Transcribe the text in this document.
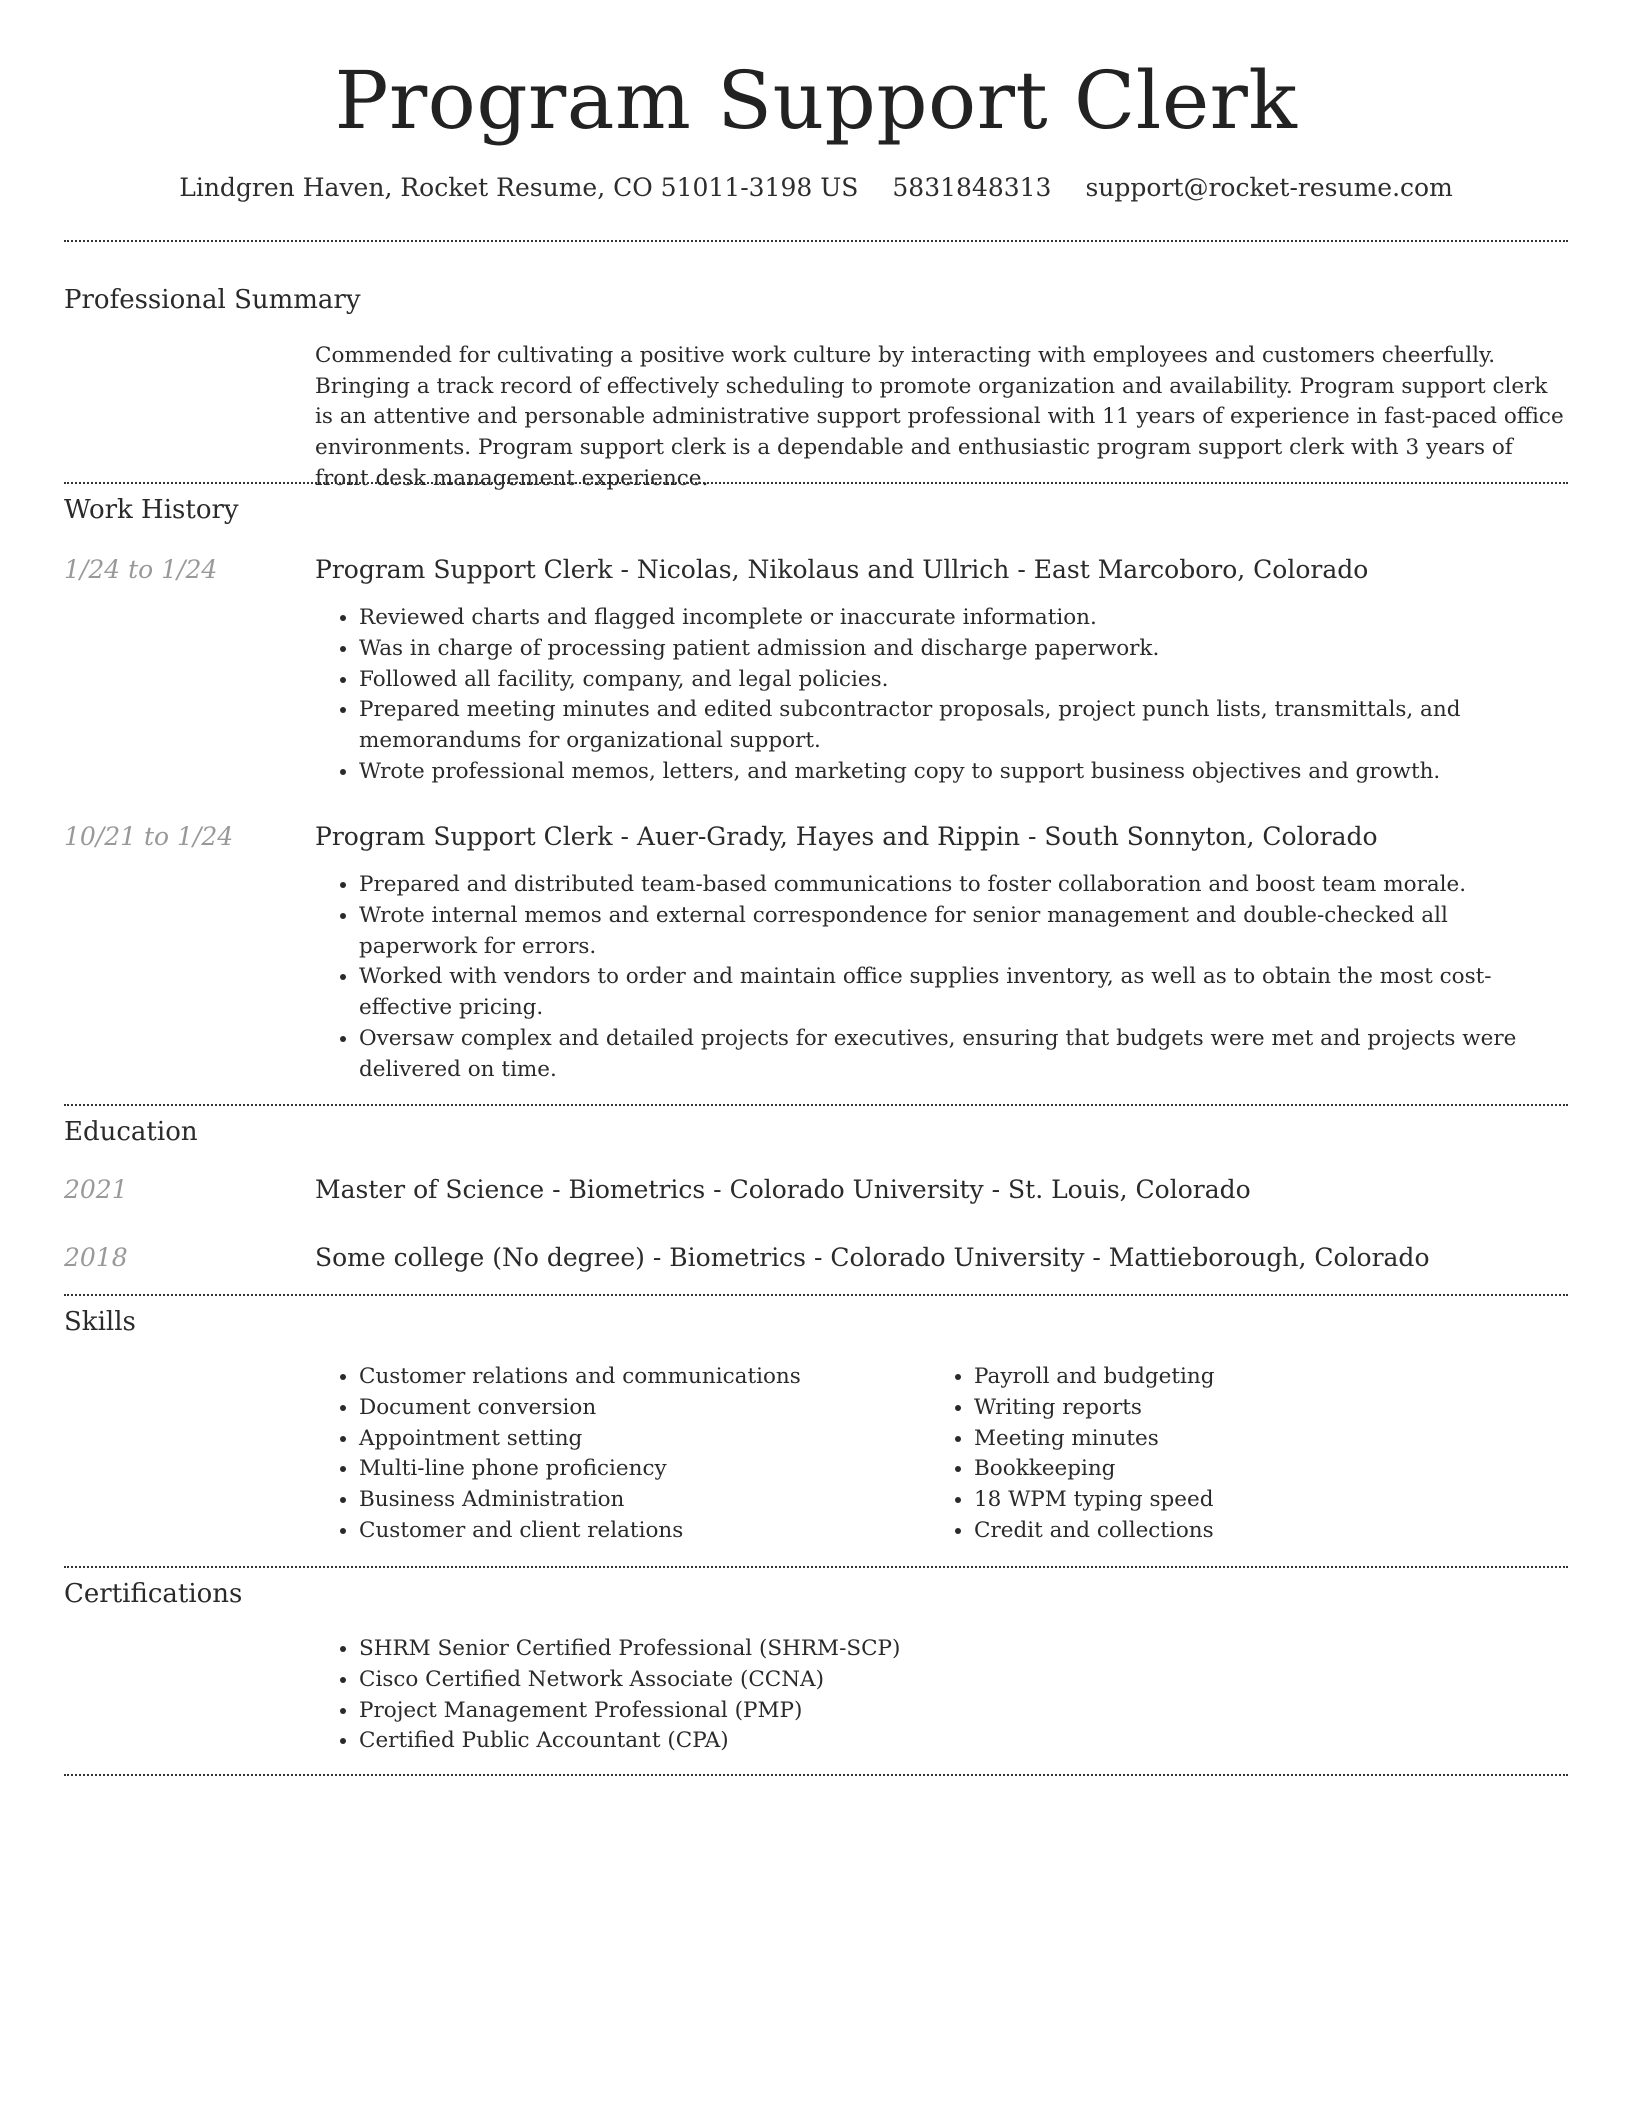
Program Support Clerk
Lindgren Haven, Rocket Resume, CO 51011-3198 US 5831848313 support@rocket-resume.com
Professional Summary
Commended for cultivating a positive work culture by interacting with employees and customers cheerfully. Bringing a track record of effectively scheduling to promote organization and availability. Program support clerk is an attentive and personable administrative support professional with 11 years of experience in fast-paced office environments. Program support clerk is a dependable and enthusiastic program support clerk with 3 years of front desk management experience.
Work History
1/24 to 1/24	Program Support Clerk - Nicolas, Nikolaus and Ullrich - East Marcoboro, Colorado
• Reviewed charts and flagged incomplete or inaccurate information.
• Was in charge of processing patient admission and discharge paperwork.
• Followed all facility, company, and legal policies.
• Prepared meeting minutes and edited subcontractor proposals, project punch lists, transmittals, and memorandums for organizational support.
• Wrote professional memos, letters, and marketing copy to support business objectives and growth.
10/21 to 1/24	Program Support Clerk - Auer-Grady, Hayes and Rippin - South Sonnyton, Colorado
• Prepared and distributed team-based communications to foster collaboration and boost team morale.
• Wrote internal memos and external correspondence for senior management and double-checked all paperwork for errors.
• Worked with vendors to order and maintain office supplies inventory, as well as to obtain the most cost-effective pricing.
• Oversaw complex and detailed projects for executives, ensuring that budgets were met and projects were delivered on time.
Education
2021	Master of Science - Biometrics - Colorado University - St. Louis, Colorado
2018	Some college (No degree) - Biometrics - Colorado University - Mattieborough, Colorado
Skills
• Customer relations and communications
• Document conversion
• Appointment setting
• Multi-line phone proficiency
• Business Administration
• Customer and client relations
• Payroll and budgeting
• Writing reports
• Meeting minutes
• Bookkeeping
• 18 WPM typing speed
• Credit and collections
Certifications
• SHRM Senior Certified Professional (SHRM-SCP)
• Cisco Certified Network Associate (CCNA)
• Project Management Professional (PMP)
• Certified Public Accountant (CPA)
